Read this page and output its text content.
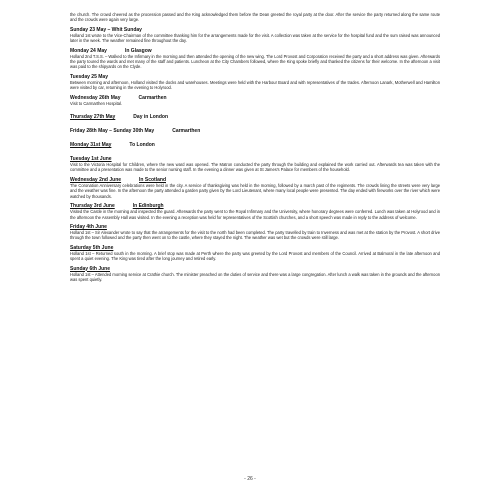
the church. The crowd cheered as the procession passed and the King acknowledged them before the Dean greeted the royal party at the door. After the service the party returned along the same route and the crowds were again very large.
Sunday 23 May – Whit Sunday
Holland 1st wrote to the Vice-Chairman of the committee thanking him for the arrangements made for the visit. A collection was taken at the service for the hospital fund and the sum raised was announced later in the week. The weather remained fine throughout the day.
Monday 24 May	In Glasgow
Holland 2nd T.S.S. – Walked to the Infirmary in the morning and then attended the opening of the new wing. The Lord Provost and Corporation received the party and a short address was given. Afterwards the party toured the wards and met many of the staff and patients. Luncheon at the City Chambers followed, where the King spoke briefly and thanked the citizens for their welcome. In the afternoon a visit was paid to the shipyards on the Clyde.
Tuesday 25 May
Between morning and afternoon, Holland visited the docks and warehouses. Meetings were held with the Harbour Board and with representatives of the trades. Afternoon Lanark, Motherwell and Hamilton were visited by car, returning in the evening to Holyrood.
Wednesday 26th May	Carmarthen
Visit to Carmarthen Hospital.
Thursday 27th May	Day in London
Friday 28th May – Sunday 30th May	Carmarthen
Monday 31st May	To London
Tuesday 1st June
Visit to the Victoria Hospital for Children, where the new ward was opened. The Matron conducted the party through the building and explained the work carried out. Afterwards tea was taken with the committee and a presentation was made to the senior nursing staff. In the evening a dinner was given at St James's Palace for members of the household.
Wednesday 2nd June	In Scotland
The Coronation Anniversary celebrations were held in the city. A service of thanksgiving was held in the morning, followed by a march past of the regiments. The crowds lining the streets were very large and the weather was fine. In the afternoon the party attended a garden party given by the Lord Lieutenant, where many local people were presented. The day ended with fireworks over the river which were watched by thousands.
Thursday 3rd June	In Edinburgh
Visited the Castle in the morning and inspected the guard. Afterwards the party went to the Royal Infirmary and the University, where honorary degrees were conferred. Lunch was taken at Holyrood and in the afternoon the Assembly Hall was visited. In the evening a reception was held for representatives of the Scottish churches, and a short speech was made in reply to the address of welcome.
Friday 4th June
Holland 1st – Sir Alexander wrote to say that the arrangements for the visit to the north had been completed. The party travelled by train to Inverness and was met at the station by the Provost. A short drive through the town followed and the party then went on to the castle, where they stayed the night. The weather was wet but the crowds were still large.
Saturday 5th June
Holland 1st – Returned south in the morning. A brief stop was made at Perth where the party was greeted by the Lord Provost and members of the Council. Arrived at Balmoral in the late afternoon and spent a quiet evening. The King was tired after the long journey and retired early.
Sunday 6th June
Holland 1st – Attended morning service at Crathie church. The minister preached on the duties of service and there was a large congregation. After lunch a walk was taken in the grounds and the afternoon was spent quietly.
- 26 -
